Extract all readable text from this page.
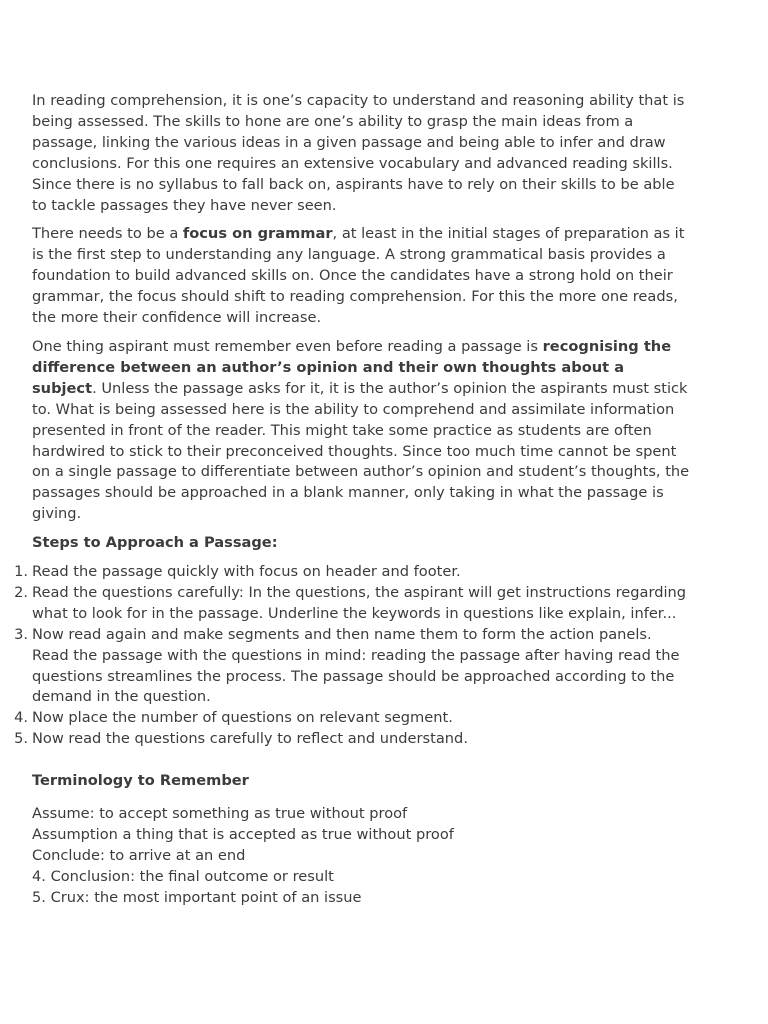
In reading comprehension, it is one’s capacity to understand and reasoning ability that is being assessed. The skills to hone are one’s ability to grasp the main ideas from a passage, linking the various ideas in a given passage and being able to infer and draw conclusions. For this one requires an extensive vocabulary and advanced reading skills. Since there is no syllabus to fall back on, aspirants have to rely on their skills to be able to tackle passages they have never seen.

There needs to be a focus on grammar, at least in the initial stages of preparation as it is the first step to understanding any language. A strong grammatical basis provides a foundation to build advanced skills on. Once the candidates have a strong hold on their grammar, the focus should shift to reading comprehension. For this the more one reads, the more their confidence will increase.

One thing aspirant must remember even before reading a passage is recognising the difference between an author’s opinion and their own thoughts about a subject. Unless the passage asks for it, it is the author’s opinion the aspirants must stick to. What is being assessed here is the ability to comprehend and assimilate information presented in front of the reader. This might take some practice as students are often hardwired to stick to their preconceived thoughts. Since too much time cannot be spent on a single passage to differentiate between author’s opinion and student’s thoughts, the passages should be approached in a blank manner, only taking in what the passage is giving.

Steps to Approach a Passage:
1. Read the passage quickly with focus on header and footer.
2. Read the questions carefully: In the questions, the aspirant will get instructions regarding what to look for in the passage. Underline the keywords in questions like explain, infer...
3. Now read again and make segments and then name them to form the action panels. Read the passage with the questions in mind: reading the passage after having read the questions streamlines the process. The passage should be approached according to the demand in the question.
4. Now place the number of questions on relevant segment.
5. Now read the questions carefully to reflect and understand.
Terminology to Remember
Assume: to accept something as true without proof
Assumption a thing that is accepted as true without proof
Conclude: to arrive at an end
4. Conclusion: the final outcome or result
5. Crux: the most important point of an issue
